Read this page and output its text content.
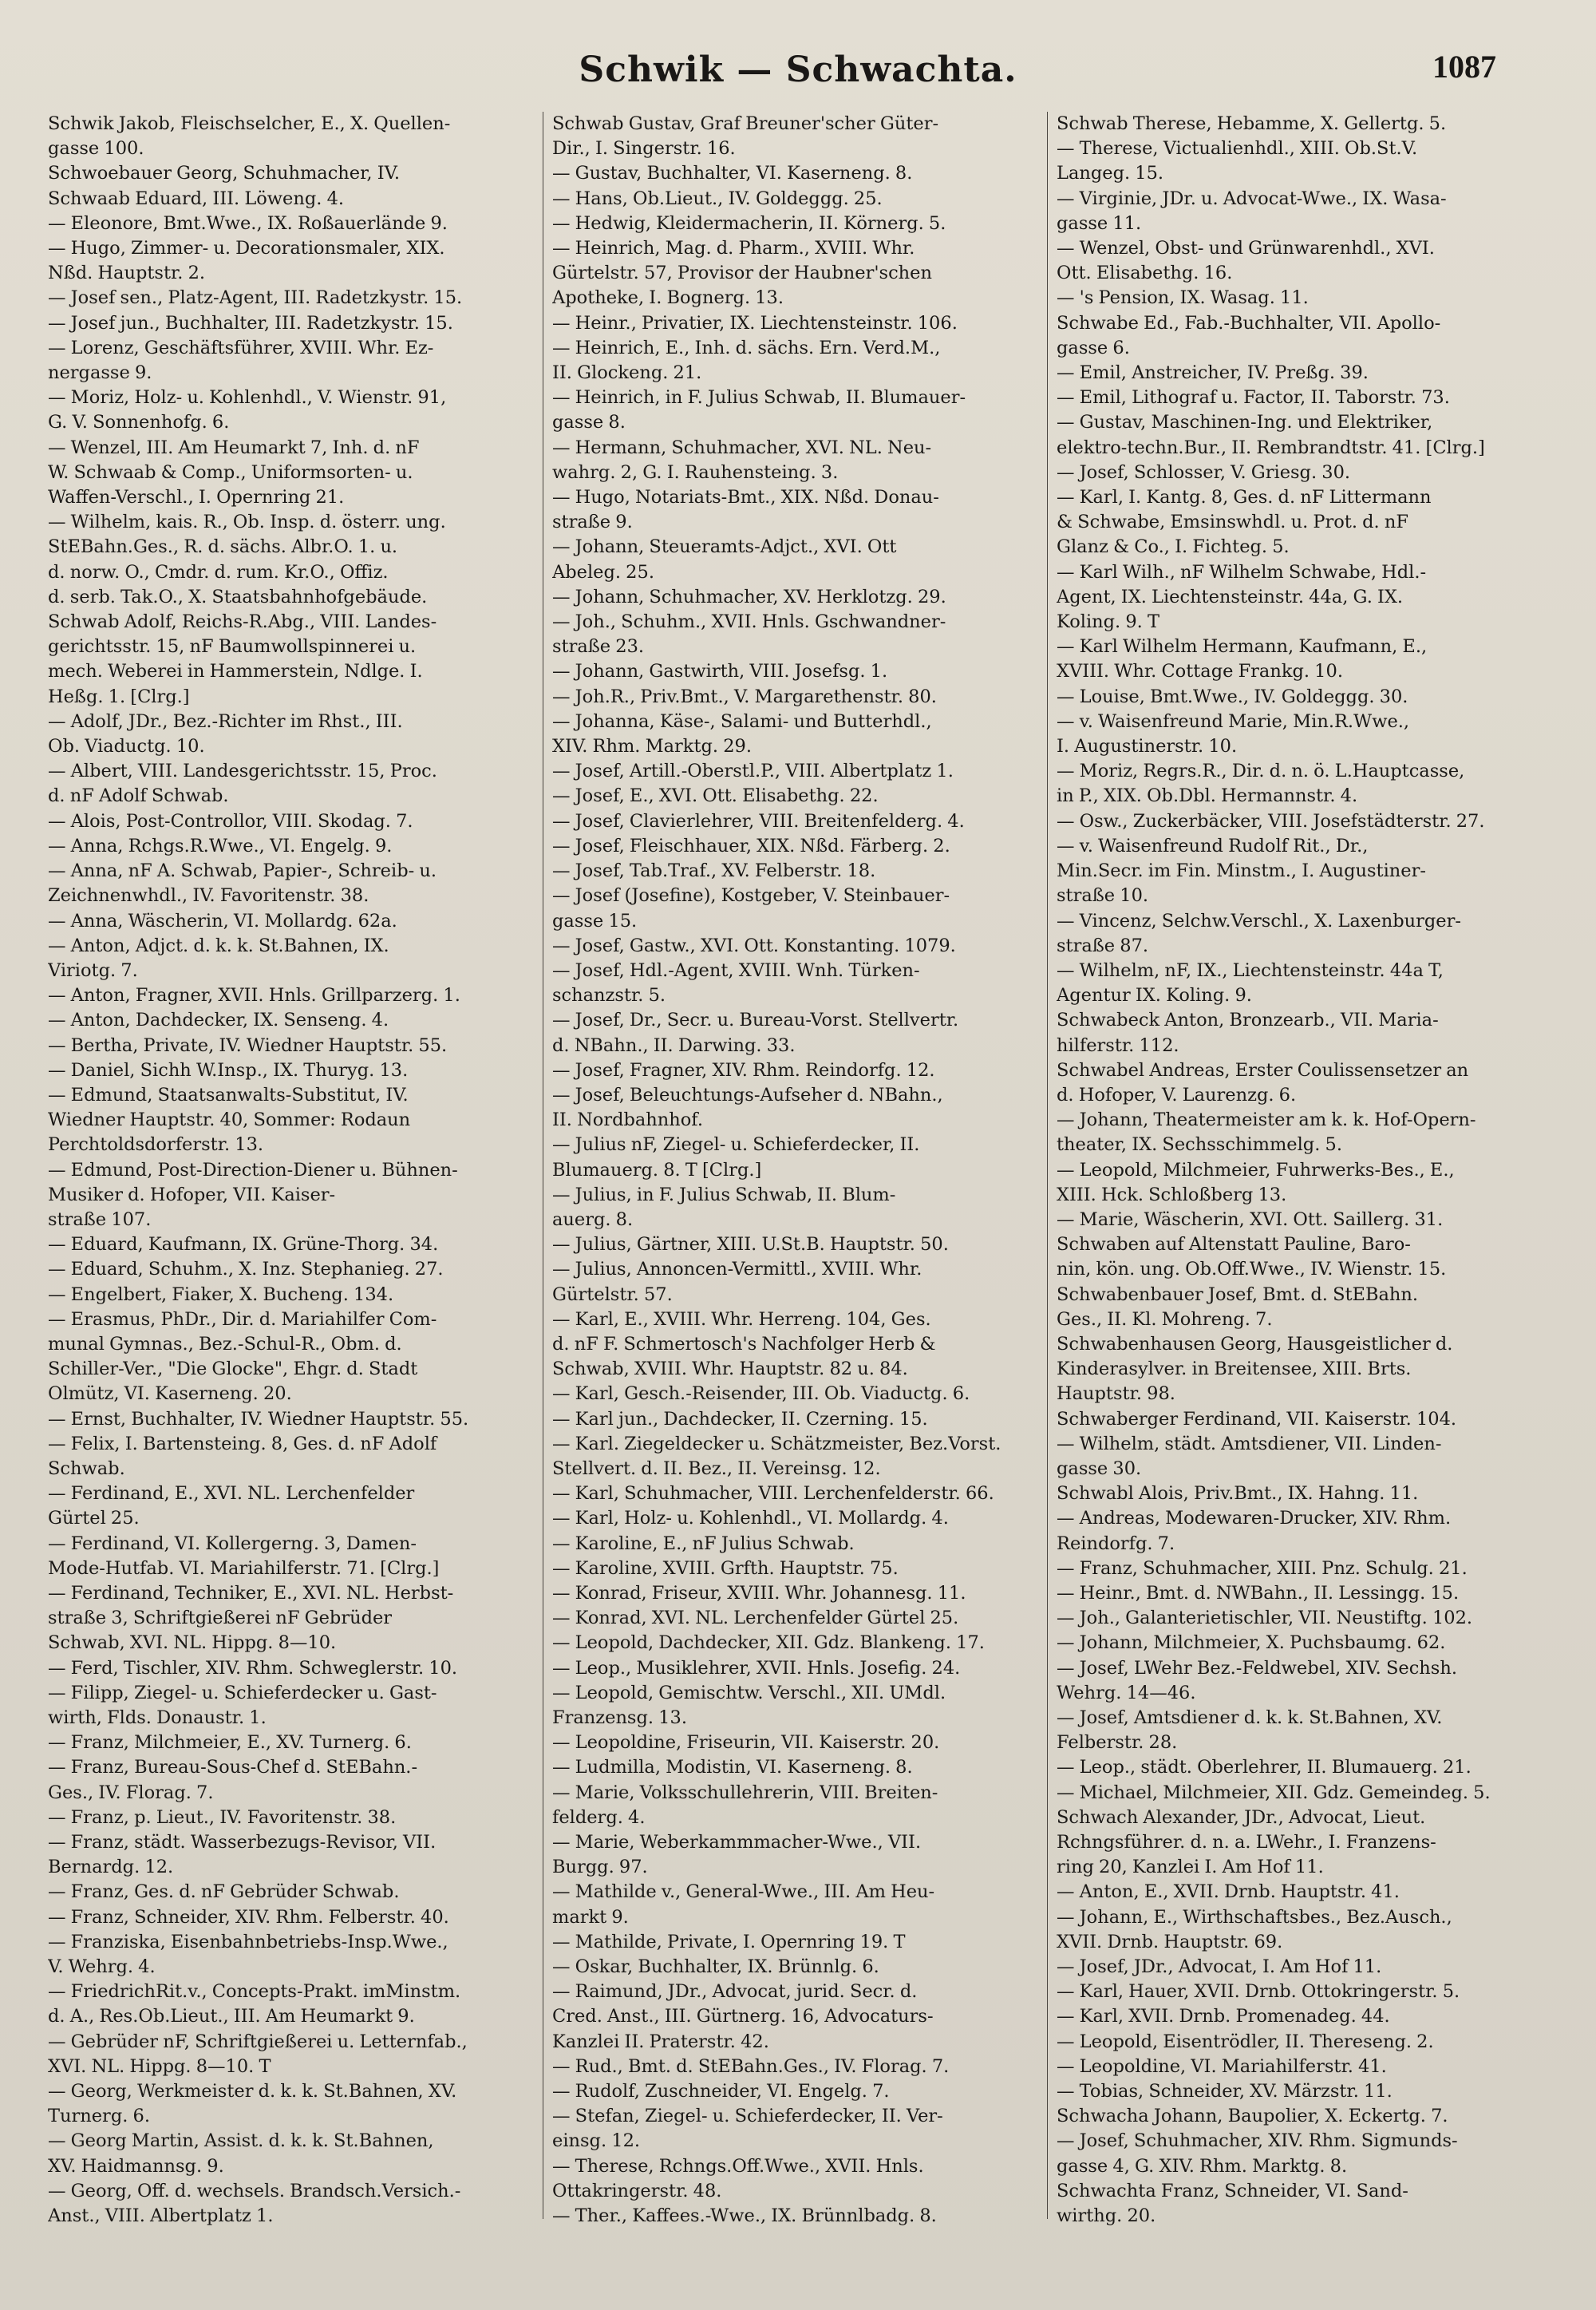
Schwik — Schwachta.	1087
Schwik Jakob, Fleischselcher, E., X. Quellen-
gasse 100.
Schwoebauer Georg, Schuhmacher, IV.
Schwaab Eduard, III. Löweng. 4.
— Eleonore, Bmt.Wwe., IX. Roßauerlände 9.
— Hugo, Zimmer- u. Decorationsmaler, XIX.
Nßd. Hauptstr. 2.
— Josef sen., Platz-Agent, III. Radetzkystr. 15.
— Josef jun., Buchhalter, III. Radetzkystr. 15.
— Lorenz, Geschäftsführer, XVIII. Whr. Ez-
nergasse 9.
— Moriz, Holz- u. Kohlenhdl., V. Wienstr. 91,
G. V. Sonnenhofg. 6.
— Wenzel, III. Am Heumarkt 7, Inh. d. nF
W. Schwaab & Comp., Uniformsorten- u.
Waffen-Verschl., I. Opernring 21.
— Wilhelm, kais. R., Ob. Insp. d. österr. ung.
StEBahn.Ges., R. d. sächs. Albr.O. 1. u.
d. norw. O., Cmdr. d. rum. Kr.O., Offiz.
d. serb. Tak.O., X. Staatsbahnhofgebäude.
Schwab Adolf, Reichs-R.Abg., VIII. Landes-
gerichtsstr. 15, nF Baumwollspinnerei u.
mech. Weberei in Hammerstein, Ndlge. I.
Heßg. 1. [Clrg.]
— Adolf, JDr., Bez.-Richter im Rhst., III.
Ob. Viaductg. 10.
— Albert, VIII. Landesgerichtsstr. 15, Proc.
d. nF Adolf Schwab.
— Alois, Post-Controllor, VIII. Skodag. 7.
— Anna, Rchgs.R.Wwe., VI. Engelg. 9.
— Anna, nF A. Schwab, Papier-, Schreib- u.
Zeichnenwhdl., IV. Favoritenstr. 38.
— Anna, Wäscherin, VI. Mollardg. 62a.
— Anton, Adjct. d. k. k. St.Bahnen, IX.
Viriotg. 7.
— Anton, Fragner, XVII. Hnls. Grillparzerg. 1.
— Anton, Dachdecker, IX. Senseng. 4.
— Bertha, Private, IV. Wiedner Hauptstr. 55.
— Daniel, Sichh W.Insp., IX. Thuryg. 13.
— Edmund, Staatsanwalts-Substitut, IV.
Wiedner Hauptstr. 40, Sommer: Rodaun
Perchtoldsdorferstr. 13.
— Edmund, Post-Direction-Diener u. Bühnen-
Musiker d. Hofoper, VII. Kaiser-
straße 107.
— Eduard, Kaufmann, IX. Grüne-Thorg. 34.
— Eduard, Schuhm., X. Inz. Stephanieg. 27.
— Engelbert, Fiaker, X. Bucheng. 134.
— Erasmus, PhDr., Dir. d. Mariahilfer Com-
munal Gymnas., Bez.-Schul-R., Obm. d.
Schiller-Ver., "Die Glocke", Ehgr. d. Stadt
Olmütz, VI. Kaserneng. 20.
— Ernst, Buchhalter, IV. Wiedner Hauptstr. 55.
— Felix, I. Bartensteing. 8, Ges. d. nF Adolf
Schwab.
— Ferdinand, E., XVI. NL. Lerchenfelder
Gürtel 25.
— Ferdinand, VI. Kollergerng. 3, Damen-
Mode-Hutfab. VI. Mariahilferstr. 71. [Clrg.]
— Ferdinand, Techniker, E., XVI. NL. Herbst-
straße 3, Schriftgießerei nF Gebrüder
Schwab, XVI. NL. Hippg. 8—10.
— Ferd, Tischler, XIV. Rhm. Schweglerstr. 10.
— Filipp, Ziegel- u. Schieferdecker u. Gast-
wirth, Flds. Donaustr. 1.
— Franz, Milchmeier, E., XV. Turnerg. 6.
— Franz, Bureau-Sous-Chef d. StEBahn.-
Ges., IV. Florag. 7.
— Franz, p. Lieut., IV. Favoritenstr. 38.
— Franz, städt. Wasserbezugs-Revisor, VII.
Bernardg. 12.
— Franz, Ges. d. nF Gebrüder Schwab.
— Franz, Schneider, XIV. Rhm. Felberstr. 40.
— Franziska, Eisenbahnbetriebs-Insp.Wwe.,
V. Wehrg. 4.
— FriedrichRit.v., Concepts-Prakt. imMinstm.
d. A., Res.Ob.Lieut., III. Am Heumarkt 9.
— Gebrüder nF, Schriftgießerei u. Letternfab.,
XVI. NL. Hippg. 8—10. T
— Georg, Werkmeister d. k. k. St.Bahnen, XV.
Turnerg. 6.
— Georg Martin, Assist. d. k. k. St.Bahnen,
XV. Haidmannsg. 9.
— Georg, Off. d. wechsels. Brandsch.Versich.-
Anst., VIII. Albertplatz 1.
Schwab Gustav, Graf Breuner'scher Güter-
Dir., I. Singerstr. 16.
— Gustav, Buchhalter, VI. Kaserneng. 8.
— Hans, Ob.Lieut., IV. Goldeggg. 25.
— Hedwig, Kleidermacherin, II. Körnerg. 5.
— Heinrich, Mag. d. Pharm., XVIII. Whr.
Gürtelstr. 57, Provisor der Haubner'schen
Apotheke, I. Bognerg. 13.
— Heinr., Privatier, IX. Liechtensteinstr. 106.
— Heinrich, E., Inh. d. sächs. Ern. Verd.M.,
II. Glockeng. 21.
— Heinrich, in F. Julius Schwab, II. Blumauer-
gasse 8.
— Hermann, Schuhmacher, XVI. NL. Neu-
wahrg. 2, G. I. Rauhensteing. 3.
— Hugo, Notariats-Bmt., XIX. Nßd. Donau-
straße 9.
— Johann, Steueramts-Adjct., XVI. Ott
Abeleg. 25.
— Johann, Schuhmacher, XV. Herklotzg. 29.
— Joh., Schuhm., XVII. Hnls. Gschwandner-
straße 23.
— Johann, Gastwirth, VIII. Josefsg. 1.
— Joh.R., Priv.Bmt., V. Margarethenstr. 80.
— Johanna, Käse-, Salami- und Butterhdl.,
XIV. Rhm. Marktg. 29.
— Josef, Artill.-Oberstl.P., VIII. Albertplatz 1.
— Josef, E., XVI. Ott. Elisabethg. 22.
— Josef, Clavierlehrer, VIII. Breitenfelderg. 4.
— Josef, Fleischhauer, XIX. Nßd. Färberg. 2.
— Josef, Tab.Traf., XV. Felberstr. 18.
— Josef (Josefine), Kostgeber, V. Steinbauer-
gasse 15.
— Josef, Gastw., XVI. Ott. Konstanting. 1079.
— Josef, Hdl.-Agent, XVIII. Wnh. Türken-
schanzstr. 5.
— Josef, Dr., Secr. u. Bureau-Vorst. Stellvertr.
d. NBahn., II. Darwing. 33.
— Josef, Fragner, XIV. Rhm. Reindorfg. 12.
— Josef, Beleuchtungs-Aufseher d. NBahn.,
II. Nordbahnhof.
— Julius nF, Ziegel- u. Schieferdecker, II.
Blumauerg. 8. T [Clrg.]
— Julius, in F. Julius Schwab, II. Blum-
auerg. 8.
— Julius, Gärtner, XIII. U.St.B. Hauptstr. 50.
— Julius, Annoncen-Vermittl., XVIII. Whr.
Gürtelstr. 57.
— Karl, E., XVIII. Whr. Herreng. 104, Ges.
d. nF F. Schmertosch's Nachfolger Herb &
Schwab, XVIII. Whr. Hauptstr. 82 u. 84.
— Karl, Gesch.-Reisender, III. Ob. Viaductg. 6.
— Karl jun., Dachdecker, II. Czerning. 15.
— Karl. Ziegeldecker u. Schätzmeister, Bez.Vorst.
Stellvert. d. II. Bez., II. Vereinsg. 12.
— Karl, Schuhmacher, VIII. Lerchenfelderstr. 66.
— Karl, Holz- u. Kohlenhdl., VI. Mollardg. 4.
— Karoline, E., nF Julius Schwab.
— Karoline, XVIII. Grfth. Hauptstr. 75.
— Konrad, Friseur, XVIII. Whr. Johannesg. 11.
— Konrad, XVI. NL. Lerchenfelder Gürtel 25.
— Leopold, Dachdecker, XII. Gdz. Blankeng. 17.
— Leop., Musiklehrer, XVII. Hnls. Josefig. 24.
— Leopold, Gemischtw. Verschl., XII. UMdl.
Franzensg. 13.
— Leopoldine, Friseurin, VII. Kaiserstr. 20.
— Ludmilla, Modistin, VI. Kaserneng. 8.
— Marie, Volksschullehrerin, VIII. Breiten-
felderg. 4.
— Marie, Weberkammmacher-Wwe., VII.
Burgg. 97.
— Mathilde v., General-Wwe., III. Am Heu-
markt 9.
— Mathilde, Private, I. Opernring 19. T
— Oskar, Buchhalter, IX. Brünnlg. 6.
— Raimund, JDr., Advocat, jurid. Secr. d.
Cred. Anst., III. Gürtnerg. 16, Advocaturs-
Kanzlei II. Praterstr. 42.
— Rud., Bmt. d. StEBahn.Ges., IV. Florag. 7.
— Rudolf, Zuschneider, VI. Engelg. 7.
— Stefan, Ziegel- u. Schieferdecker, II. Ver-
einsg. 12.
— Therese, Rchngs.Off.Wwe., XVII. Hnls.
Ottakringerstr. 48.
— Ther., Kaffees.-Wwe., IX. Brünnlbadg. 8.
Schwab Therese, Hebamme, X. Gellertg. 5.
— Therese, Victualienhdl., XIII. Ob.St.V.
Langeg. 15.
— Virginie, JDr. u. Advocat-Wwe., IX. Wasa-
gasse 11.
— Wenzel, Obst- und Grünwarenhdl., XVI.
Ott. Elisabethg. 16.
— 's Pension, IX. Wasag. 11.
Schwabe Ed., Fab.-Buchhalter, VII. Apollo-
gasse 6.
— Emil, Anstreicher, IV. Preßg. 39.
— Emil, Lithograf u. Factor, II. Taborstr. 73.
— Gustav, Maschinen-Ing. und Elektriker,
elektro-techn.Bur., II. Rembrandtstr. 41. [Clrg.]
— Josef, Schlosser, V. Griesg. 30.
— Karl, I. Kantg. 8, Ges. d. nF Littermann
& Schwabe, Emsinswhdl. u. Prot. d. nF
Glanz & Co., I. Fichteg. 5.
— Karl Wilh., nF Wilhelm Schwabe, Hdl.-
Agent, IX. Liechtensteinstr. 44a, G. IX.
Koling. 9. T
— Karl Wilhelm Hermann, Kaufmann, E.,
XVIII. Whr. Cottage Frankg. 10.
— Louise, Bmt.Wwe., IV. Goldeggg. 30.
— v. Waisenfreund Marie, Min.R.Wwe.,
I. Augustinerstr. 10.
— Moriz, Regrs.R., Dir. d. n. ö. L.Hauptcasse,
in P., XIX. Ob.Dbl. Hermannstr. 4.
— Osw., Zuckerbäcker, VIII. Josefstädterstr. 27.
— v. Waisenfreund Rudolf Rit., Dr.,
Min.Secr. im Fin. Minstm., I. Augustiner-
straße 10.
— Vincenz, Selchw.Verschl., X. Laxenburger-
straße 87.
— Wilhelm, nF, IX., Liechtensteinstr. 44a T,
Agentur IX. Koling. 9.
Schwabeck Anton, Bronzearb., VII. Maria-
hilferstr. 112.
Schwabel Andreas, Erster Coulissensetzer an
d. Hofoper, V. Laurenzg. 6.
— Johann, Theatermeister am k. k. Hof-Opern-
theater, IX. Sechsschimmelg. 5.
— Leopold, Milchmeier, Fuhrwerks-Bes., E.,
XIII. Hck. Schloßberg 13.
— Marie, Wäscherin, XVI. Ott. Saillerg. 31.
Schwaben auf Altenstatt Pauline, Baro-
nin, kön. ung. Ob.Off.Wwe., IV. Wienstr. 15.
Schwabenbauer Josef, Bmt. d. StEBahn.
Ges., II. Kl. Mohreng. 7.
Schwabenhausen Georg, Hausgeistlicher d.
Kinderasylver. in Breitensee, XIII. Brts.
Hauptstr. 98.
Schwaberger Ferdinand, VII. Kaiserstr. 104.
— Wilhelm, städt. Amtsdiener, VII. Linden-
gasse 30.
Schwabl Alois, Priv.Bmt., IX. Hahng. 11.
— Andreas, Modewaren-Drucker, XIV. Rhm.
Reindorfg. 7.
— Franz, Schuhmacher, XIII. Pnz. Schulg. 21.
— Heinr., Bmt. d. NWBahn., II. Lessingg. 15.
— Joh., Galanterietischler, VII. Neustiftg. 102.
— Johann, Milchmeier, X. Puchsbaumg. 62.
— Josef, LWehr Bez.-Feldwebel, XIV. Sechsh.
Wehrg. 14—46.
— Josef, Amtsdiener d. k. k. St.Bahnen, XV.
Felberstr. 28.
— Leop., städt. Oberlehrer, II. Blumauerg. 21.
— Michael, Milchmeier, XII. Gdz. Gemeindeg. 5.
Schwach Alexander, JDr., Advocat, Lieut.
Rchngsführer. d. n. a. LWehr., I. Franzens-
ring 20, Kanzlei I. Am Hof 11.
— Anton, E., XVII. Drnb. Hauptstr. 41.
— Johann, E., Wirthschaftsbes., Bez.Ausch.,
XVII. Drnb. Hauptstr. 69.
— Josef, JDr., Advocat, I. Am Hof 11.
— Karl, Hauer, XVII. Drnb. Ottokringerstr. 5.
— Karl, XVII. Drnb. Promenadeg. 44.
— Leopold, Eisentrödler, II. Thereseng. 2.
— Leopoldine, VI. Mariahilferstr. 41.
— Tobias, Schneider, XV. Märzstr. 11.
Schwacha Johann, Baupolier, X. Eckertg. 7.
— Josef, Schuhmacher, XIV. Rhm. Sigmunds-
gasse 4, G. XIV. Rhm. Marktg. 8.
Schwachta Franz, Schneider, VI. Sand-
wirthg. 20.
